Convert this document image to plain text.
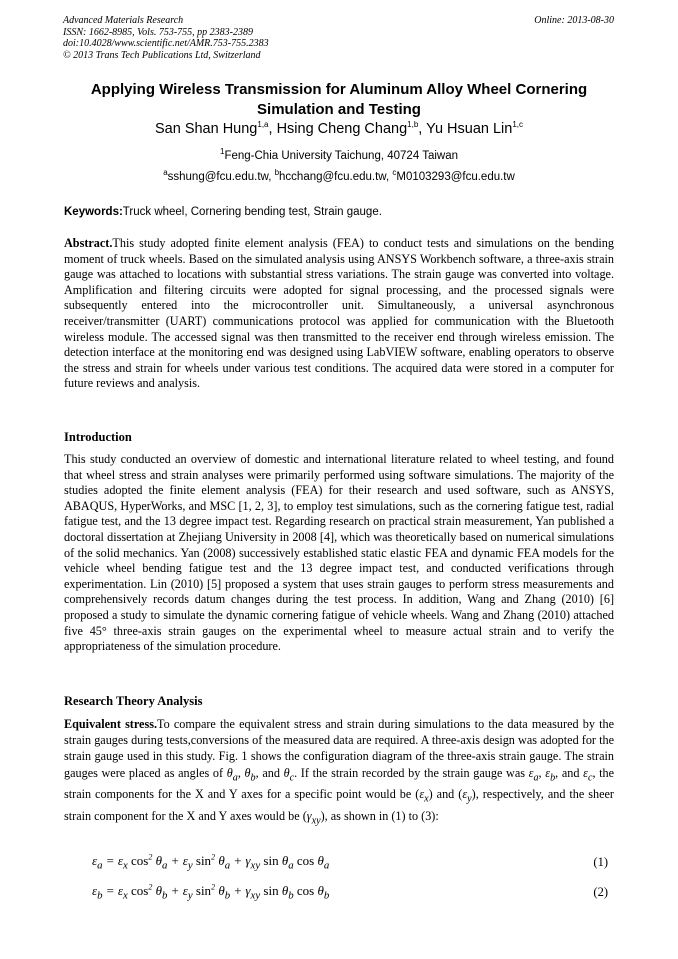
Advanced Materials Research
ISSN: 1662-8985, Vols. 753-755, pp 2383-2389
doi:10.4028/www.scientific.net/AMR.753-755.2383
© 2013 Trans Tech Publications Ltd, Switzerland
Online: 2013-08-30
Applying Wireless Transmission for Aluminum Alloy Wheel Cornering Simulation and Testing
San Shan Hung$^{1,a}$, Hsing Cheng Chang$^{1,b}$, Yu Hsuan Lin$^{1,c}$
$^1$Feng-Chia University Taichung, 40724 Taiwan
$^a$sshung@fcu.edu.tw, $^b$hcchang@fcu.edu.tw, $^c$M0103293@fcu.edu.tw
Keywords:Truck wheel, Cornering bending test, Strain gauge.
Abstract.This study adopted finite element analysis (FEA) to conduct tests and simulations on the bending moment of truck wheels. Based on the simulated analysis using ANSYS Workbench software, a three-axis strain gauge was attached to locations with substantial stress variations. The strain gauge was converted into voltage. Amplification and filtering circuits were adopted for signal processing, and the processed signals were subsequently entered into the microcontroller unit. Simultaneously, a universal asynchronous receiver/transmitter (UART) communications protocol was applied for communication with the Bluetooth wireless module. The accessed signal was then transmitted to the receiver end through wireless emission. The detection interface at the monitoring end was designed using LabVIEW software, enabling operators to observe the stress and strain for wheels under various test conditions. The acquired data were stored in a computer for future reviews and analysis.
Introduction
This study conducted an overview of domestic and international literature related to wheel testing, and found that wheel stress and strain analyses were primarily performed using software simulations. The majority of the studies adopted the finite element analysis (FEA) for their research and used software, such as ANSYS, ABAQUS, HyperWorks, and MSC [1, 2, 3], to employ test simulations, such as the cornering fatigue test, radial fatigue test, and the 13 degree impact test. Regarding research on practical strain measurement, Yan published a doctoral dissertation at Zhejiang University in 2008 [4], which was theoretically based on numerical simulations of the solid mechanics. Yan (2008) successively established static elastic FEA and dynamic FEA models for the vehicle wheel bending fatigue test and the 13 degree impact test, and conducted verifications through experimentation. Lin (2010) [5] proposed a system that uses strain gauges to perform stress measurements and comprehensively records datum changes during the test process. In addition, Wang and Zhang (2010) [6] proposed a study to simulate the dynamic cornering fatigue of vehicle wheels. Wang and Zhang (2010) attached five 45° three-axis strain gauges on the experimental wheel to measure actual strain and to verify the appropriateness of the simulation procedure.
Research Theory Analysis
Equivalent stress.To compare the equivalent stress and strain during simulations to the data measured by the strain gauges during tests,conversions of the measured data are required. A three-axis design was adopted for the strain gauge used in this study. Fig. 1 shows the configuration diagram of the three-axis strain gauge. The strain gauges were placed as angles of $\theta_a$, $\theta_b$, and $\theta_c$. If the strain recorded by the strain gauge was $\varepsilon_a$, $\varepsilon_b$, and $\varepsilon_c$, the strain components for the X and Y axes for a specific point would be $(\varepsilon_x)$ and $(\varepsilon_y)$, respectively, and the sheer strain component for the X and Y axes would be $(\gamma_{xy})$, as shown in (1) to (3):
$\varepsilon_a = \varepsilon_x$ $\cos^2 \theta_a + \varepsilon_y$ $\sin^2 \theta_a + \gamma_{xy}$ $\sin \theta_a$ $\cos \theta_a$	(1)
$\varepsilon_b = \varepsilon_x$ $\cos^2 \theta_b + \varepsilon_y$ $\sin^2 \theta_b + \gamma_{xy}$ $\sin \theta_b$ $\cos \theta_b$	(2)
